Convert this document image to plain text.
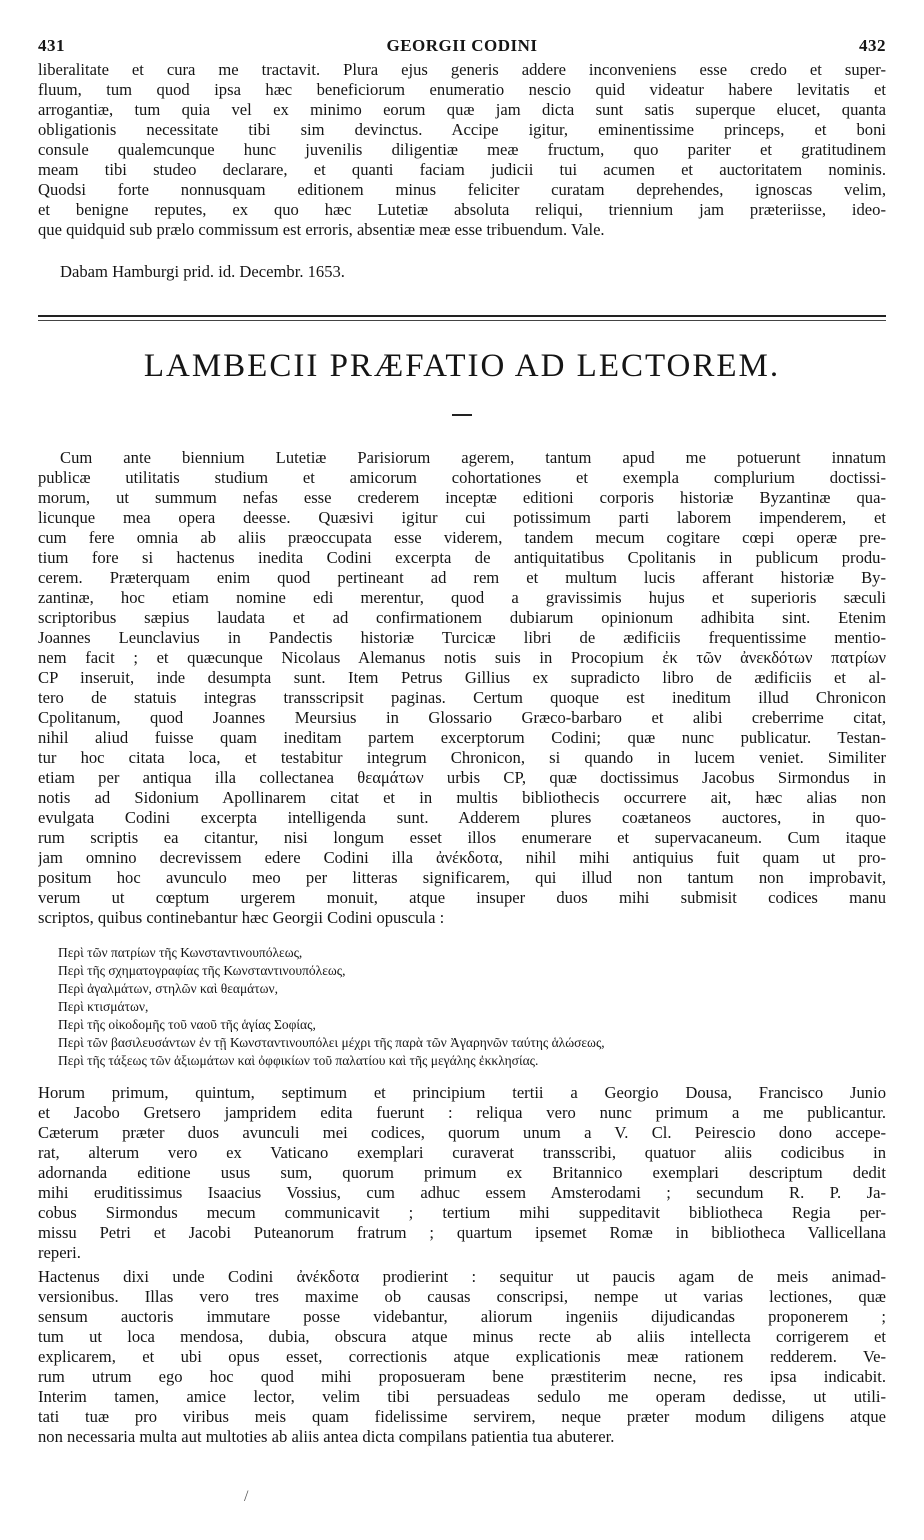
431	GEORGII CODINI	432
liberalitate et cura me tractavit. Plura ejus generis addere inconveniens esse credo et super-
fluum, tum quod ipsa hæc beneficiorum enumeratio nescio quid videatur habere levitatis et
arrogantiæ, tum quia vel ex minimo eorum quæ jam dicta sunt satis superque elucet, quanta
obligationis necessitate tibi sim devinctus. Accipe igitur, eminentissime princeps, et boni
consule qualemcunque hunc juvenilis diligentiæ meæ fructum, quo pariter et gratitudinem
meam tibi studeo declarare, et quanti faciam judicii tui acumen et auctoritatem nominis.
Quodsi forte nonnusquam editionem minus feliciter curatam deprehendes, ignoscas velim,
et benigne reputes, ex quo hæc Lutetiæ absoluta reliqui, triennium jam præteriisse, ideo-
que quidquid sub prælo commissum est erroris, absentiæ meæ esse tribuendum. Vale.
Dabam Hamburgi prid. id. Decembr. 1653.
LAMBECII PRÆFATIO AD LECTOREM.
Cum ante biennium Lutetiæ Parisiorum agerem, tantum apud me potuerunt innatum
publicæ utilitatis studium et amicorum cohortationes et exempla complurium doctissi-
morum, ut summum nefas esse crederem inceptæ editioni corporis historiæ Byzantinæ qua-
licunque mea opera deesse. Quæsivi igitur cui potissimum parti laborem impenderem, et
cum fere omnia ab aliis præoccupata esse viderem, tandem mecum cogitare cœpi operæ pre-
tium fore si hactenus inedita Codini excerpta de antiquitatibus Cpolitanis in publicum produ-
cerem. Præterquam enim quod pertineant ad rem et multum lucis afferant historiæ By-
zantinæ, hoc etiam nomine edi merentur, quod a gravissimis hujus et superioris sæculi
scriptoribus sæpius laudata et ad confirmationem dubiarum opinionum adhibita sint. Etenim
Joannes Leunclavius in Pandectis historiæ Turcicæ libri de ædificiis frequentissime mentio-
nem facit ; et quæcunque Nicolaus Alemanus notis suis in Procopium ἐκ τῶν ἀνεκδότων πατρίων
CP inseruit, inde desumpta sunt. Item Petrus Gillius ex supradicto libro de ædificiis et al-
tero de statuis integras transscripsit paginas. Certum quoque est ineditum illud Chronicon
Cpolitanum, quod Joannes Meursius in Glossario Græco-barbaro et alibi creberrime citat,
nihil aliud fuisse quam ineditam partem excerptorum Codini; quæ nunc publicatur. Testan-
tur hoc citata loca, et testabitur integrum Chronicon, si quando in lucem veniet. Similiter
etiam per antiqua illa collectanea θεαμάτων urbis CP, quæ doctissimus Jacobus Sirmondus in
notis ad Sidonium Apollinarem citat et in multis bibliothecis occurrere ait, hæc alias non
evulgata Codini excerpta intelligenda sunt. Adderem plures coætaneos auctores, in quo-
rum scriptis ea citantur, nisi longum esset illos enumerare et supervacaneum. Cum itaque
jam omnino decrevissem edere Codini illa ἀνέκδοτα, nihil mihi antiquius fuit quam ut pro-
positum hoc avunculo meo per litteras significarem, qui illud non tantum non improbavit,
verum ut cœptum urgerem monuit, atque insuper duos mihi submisit codices manu
scriptos, quibus continebantur hæc Georgii Codini opuscula :
Περὶ τῶν πατρίων τῆς Κωνσταντινουπόλεως,
Περὶ τῆς σχηματογραφίας τῆς Κωνσταντινουπόλεως,
Περὶ ἀγαλμάτων, στηλῶν καὶ θεαμάτων,
Περὶ κτισμάτων,
Περὶ τῆς οἰκοδομῆς τοῦ ναοῦ τῆς ἁγίας Σοφίας,
Περὶ τῶν βασιλευσάντων ἐν τῇ Κωνσταντινουπόλει μέχρι τῆς παρὰ τῶν Ἀγαρηνῶν ταύτης ἁλώσεως,
Περὶ τῆς τάξεως τῶν ἀξιωμάτων καὶ ὀφφικίων τοῦ παλατίου καὶ τῆς μεγάλης ἐκκλησίας.
Horum primum, quintum, septimum et principium tertii a Georgio Dousa, Francisco Junio
et Jacobo Gretsero jampridem edita fuerunt : reliqua vero nunc primum a me publicantur.
Cæterum præter duos avunculi mei codices, quorum unum a V. Cl. Peirescio dono accepe-
rat, alterum vero ex Vaticano exemplari curaverat transscribi, quatuor aliis codicibus in
adornanda editione usus sum, quorum primum ex Britannico exemplari descriptum dedit
mihi eruditissimus Isaacius Vossius, cum adhuc essem Amsterodami ; secundum R. P. Ja-
cobus Sirmondus mecum communicavit ; tertium mihi suppeditavit bibliotheca Regia per-
missu Petri et Jacobi Puteanorum fratrum ; quartum ipsemet Romæ in bibliotheca Vallicellana
reperi.
Hactenus dixi unde Codini ἀνέκδοτα prodierint : sequitur ut paucis agam de meis animad-
versionibus. Illas vero tres maxime ob causas conscripsi, nempe ut varias lectiones, quæ
sensum auctoris immutare posse videbantur, aliorum ingeniis dijudicandas proponerem ;
tum ut loca mendosa, dubia, obscura atque minus recte ab aliis intellecta corrigerem et
explicarem, et ubi opus esset, correctionis atque explicationis meæ rationem redderem. Ve-
rum utrum ego hoc quod mihi proposueram bene præstiterim necne, res ipsa indicabit.
Interim tamen, amice lector, velim tibi persuadeas sedulo me operam dedisse, ut utili-
tati tuæ pro viribus meis quam fidelissime servirem, neque præter modum diligens atque
non necessaria multa aut multoties ab aliis antea dicta compilans patientia tua abuterer.
/
